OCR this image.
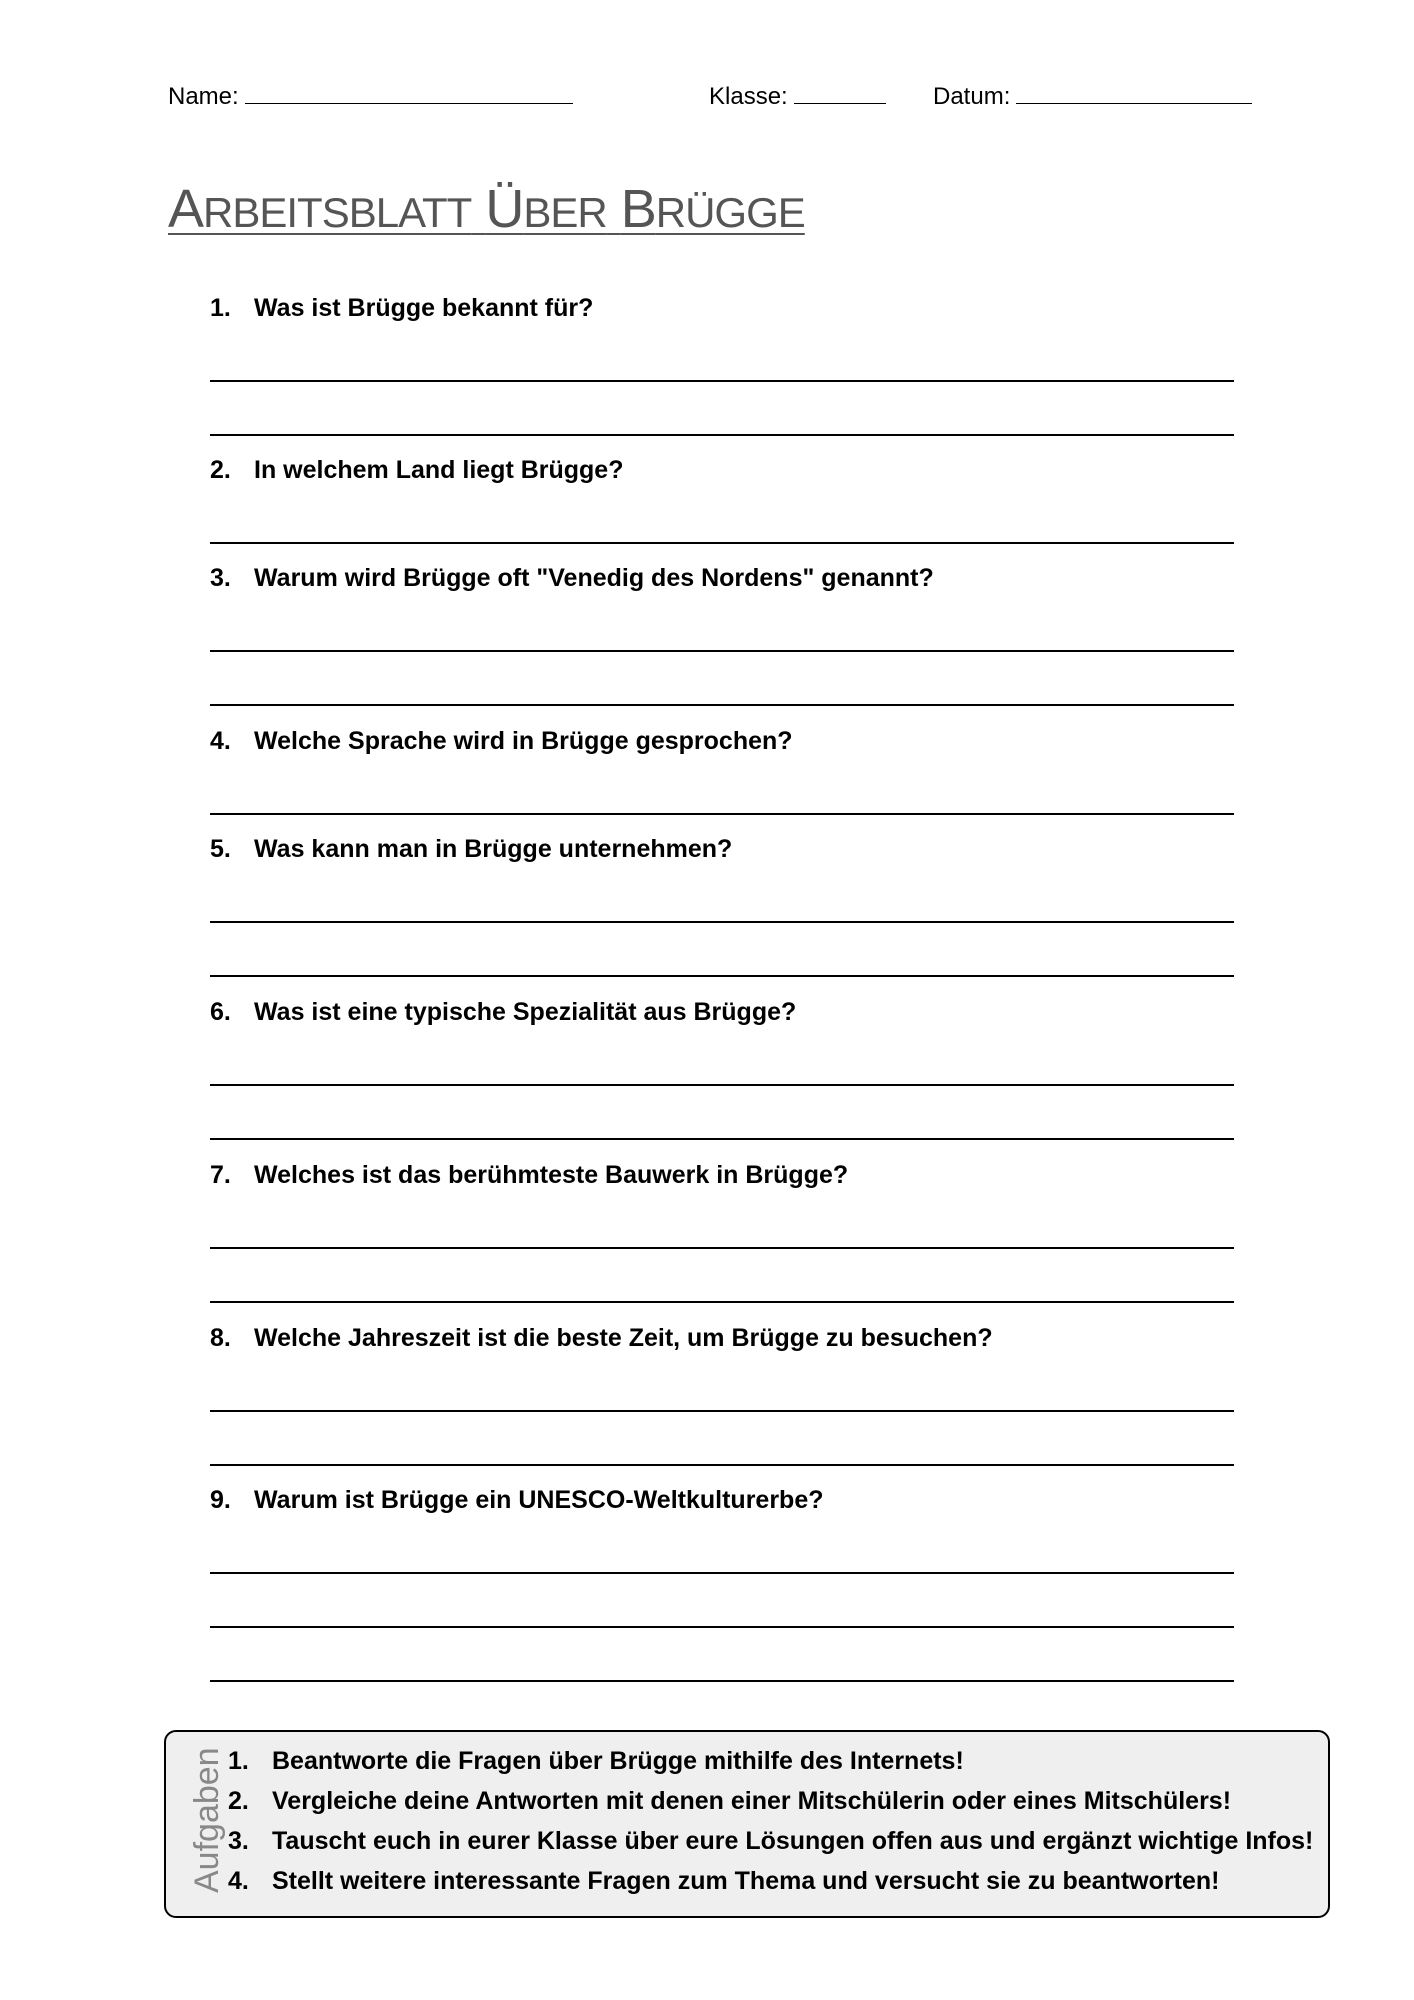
Name:	Klasse:	Datum:
ARBEITSBLATT ÜBER BRÜGGE
1. Was ist Brügge bekannt für?
2. In welchem Land liegt Brügge?
3. Warum wird Brügge oft "Venedig des Nordens" genannt?
4. Welche Sprache wird in Brügge gesprochen?
5. Was kann man in Brügge unternehmen?
6. Was ist eine typische Spezialität aus Brügge?
7. Welches ist das berühmteste Bauwerk in Brügge?
8. Welche Jahreszeit ist die beste Zeit, um Brügge zu besuchen?
9. Warum ist Brügge ein UNESCO-Weltkulturerbe?
Aufgaben 1. Beantworte die Fragen über Brügge mithilfe des Internets!
2. Vergleiche deine Antworten mit denen einer Mitschülerin oder eines Mitschülers!
3. Tauscht euch in eurer Klasse über eure Lösungen offen aus und ergänzt wichtige Infos!
4. Stellt weitere interessante Fragen zum Thema und versucht sie zu beantworten!
